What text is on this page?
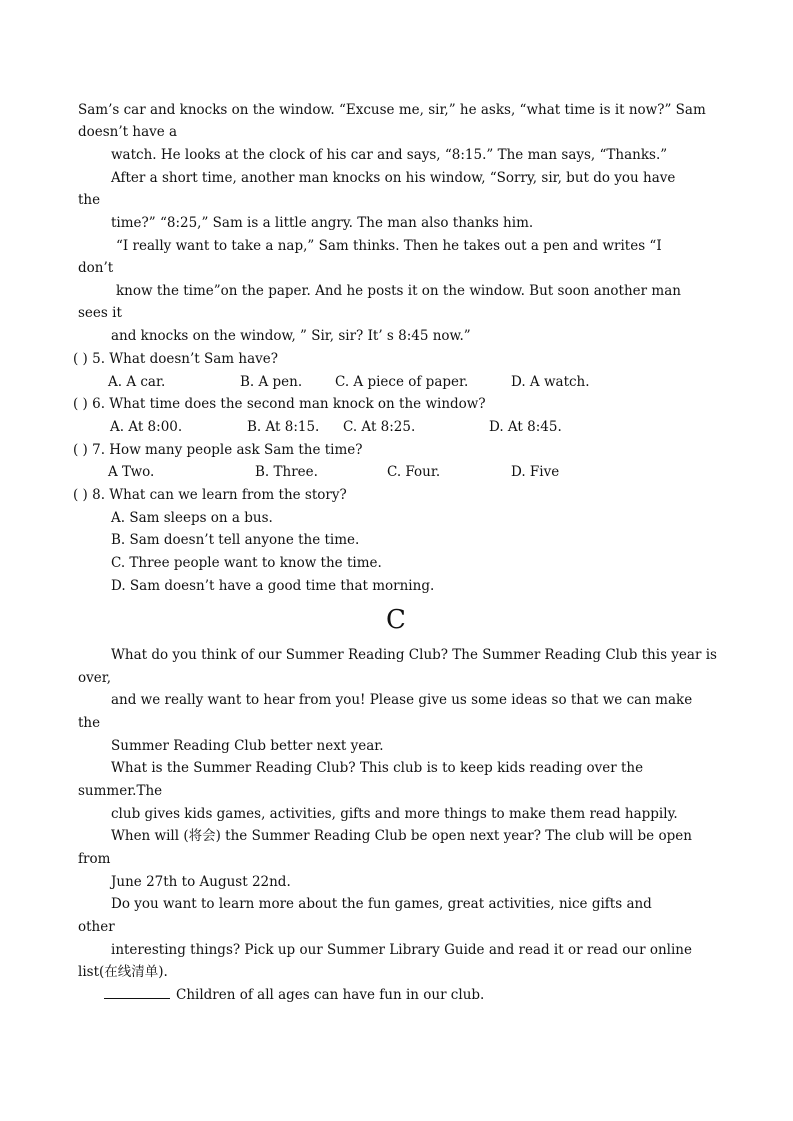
Sam’s car and knocks on the window. “Excuse me, sir,” he asks, “what time is it now?” Sam
doesn’t have a
watch. He looks at the clock of his car and says, “8:15.” The man says, “Thanks.”
After a short time, another man knocks on his window, “Sorry, sir, but do you have
the
time?” “8:25,” Sam is a little angry. The man also thanks him.
“I really want to take a nap,” Sam thinks. Then he takes out a pen and writes “I
don’t
know the time”on the paper. And he posts it on the window. But soon another man
sees it
and knocks on the window, ” Sir, sir? It’ s 8:45 now.”
( ) 5. What doesn’t Sam have?
A. A car.	B. A pen. C. A piece of paper.	D. A watch.
( ) 6. What time does the second man knock on the window?
A. At 8:00.	B. At 8:15. C. At 8:25.	D. At 8:45.
( ) 7. How many people ask Sam the time?
A Two.	B. Three.	C. Four.	D. Five
( ) 8. What can we learn from the story?
A. Sam sleeps on a bus.
B. Sam doesn’t tell anyone the time.
C. Three people want to know the time.
D. Sam doesn’t have a good time that morning.
C
What do you think of our Summer Reading Club? The Summer Reading Club this year is
over,
and we really want to hear from you! Please give us some ideas so that we can make
the
Summer Reading Club better next year.
What is the Summer Reading Club? This club is to keep kids reading over the
summer.The
club gives kids games, activities, gifts and more things to make them read happily.
When will (将会) the Summer Reading Club be open next year? The club will be open
from
June 27th to August 22nd.
Do you want to learn more about the fun games, great activities, nice gifts and
other
interesting things? Pick up our Summer Library Guide and read it or read our online
list(在线清单).
Children of all ages can have fun in our club.
